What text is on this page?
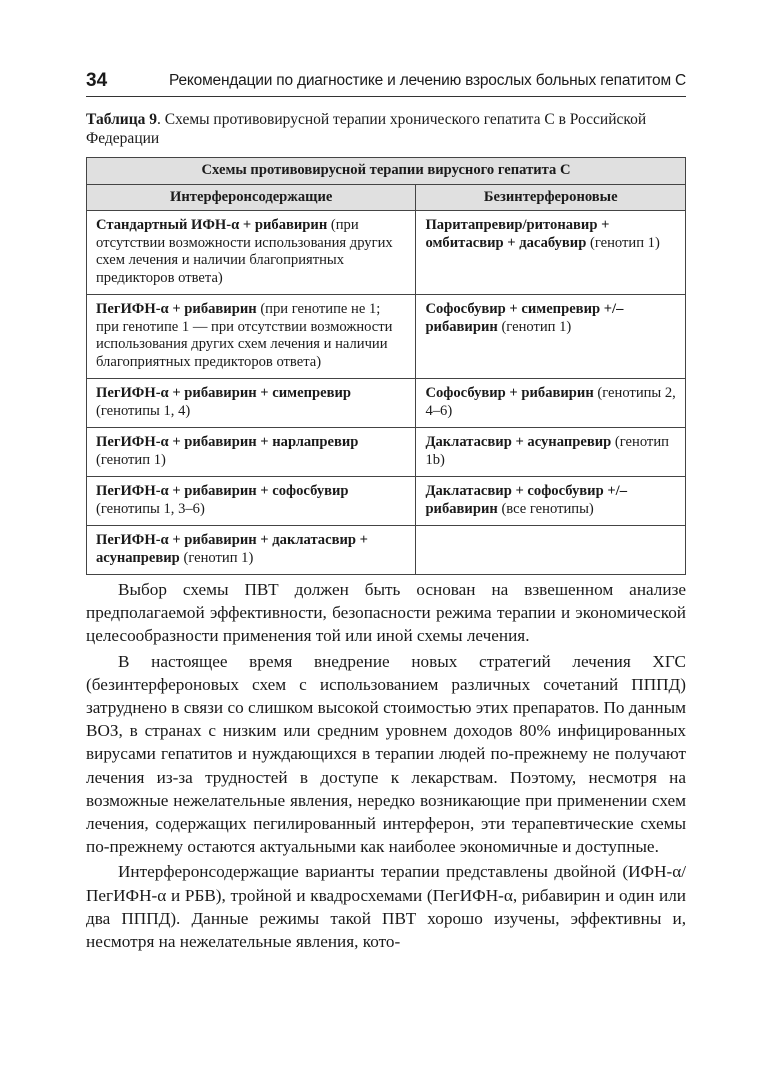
34	Рекомендации по диагностике и лечению взрослых больных гепатитом С
Таблица 9. Схемы противовирусной терапии хронического гепатита С в Российской Федерации
Схемы противовирусной терапии вирусного гепатита С	
Интерферонсодержащие	Безинтерфероновые
Стандартный ИФН-α + рибавирин (при отсутствии возможности использования других схем лечения и наличии благоприятных предикторов ответа)	Паритапревир/ритонавир + омбитасвир + дасабувир (генотип 1)
ПегИФН-α + рибавирин (при генотипе не 1; при генотипе 1 — при отсутствии возможности использования других схем лечения и наличии благоприятных предикторов ответа)	Софосбувир + симепревир +/– рибавирин (генотип 1)
ПегИФН-α + рибавирин + симепревир (генотипы 1, 4)	Софосбувир + рибавирин (генотипы 2, 4–6)
ПегИФН-α + рибавирин + нарлапревир (генотип 1)	Даклатасвир + асунапревир (генотип 1b)
ПегИФН-α + рибавирин + софосбувир (генотипы 1, 3–6)	Даклатасвир + софосбувир +/– рибавирин (все генотипы)
ПегИФН-α + рибавирин + даклатасвир + асунапревир (генотип 1)	

Выбор схемы ПВТ должен быть основан на взвешенном анализе предполагаемой эффективности, безопасности режима терапии и экономической целесообразности применения той или иной схемы лечения.

В настоящее время внедрение новых стратегий лечения ХГС (безинтерфероновых схем с использованием различных сочетаний ПППД) затруднено в связи со слишком высокой стоимостью этих препаратов. По данным ВОЗ, в странах с низким или средним уровнем доходов 80% инфицированных вирусами гепатитов и нуждающихся в терапии людей по-прежнему не получают лечения из-за трудностей в доступе к лекарствам. Поэтому, несмотря на возможные нежелательные явления, нередко возникающие при применении схем лечения, содержащих пегилированный интерферон, эти терапевтические схемы по-прежнему остаются актуальными как наиболее экономичные и доступные.

Интерферонсодержащие варианты терапии представлены двойной (ИФН-α/ПегИФН-α и РБВ), тройной и квадросхемами (ПегИФН-α, рибавирин и один или два ПППД). Данные режимы такой ПВТ хорошо изучены, эффективны и, несмотря на нежелательные явления, кото-
